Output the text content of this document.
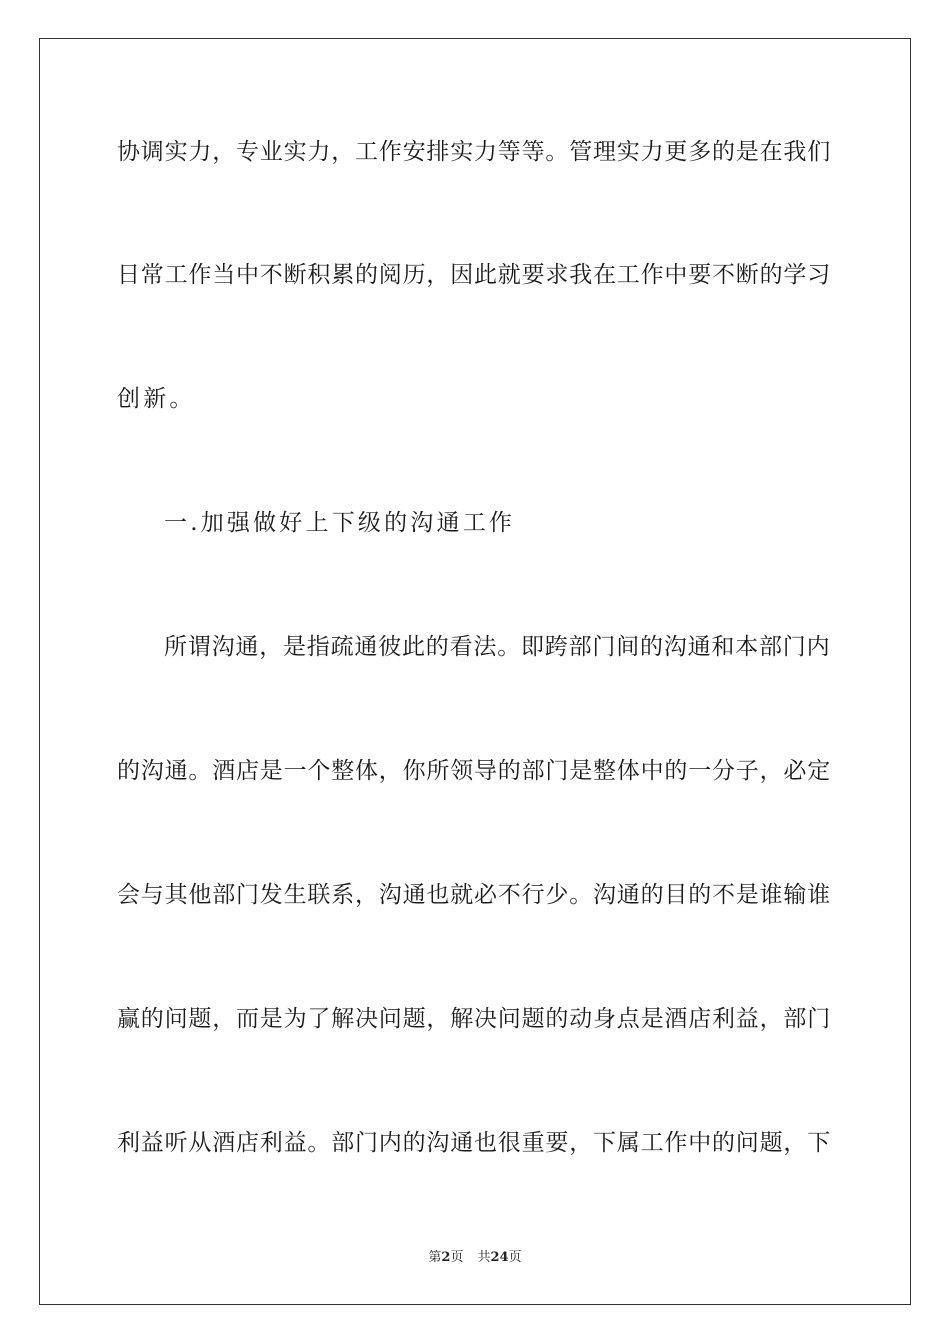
协调实力，专业实力，工作安排实力等等。管理实力更多的是在我们
日常工作当中不断积累的阅历，因此就要求我在工作中要不断的学习
创新。
一.加强做好上下级的沟通工作
所谓沟通，是指疏通彼此的看法。即跨部门间的沟通和本部门内
的沟通。酒店是一个整体，你所领导的部门是整体中的一分子，必定
会与其他部门发生联系，沟通也就必不行少。沟通的目的不是谁输谁
赢的问题，而是为了解决问题，解决问题的动身点是酒店利益，部门
利益听从酒店利益。部门内的沟通也很重要，下属工作中的问题，下
第2页 共24页
